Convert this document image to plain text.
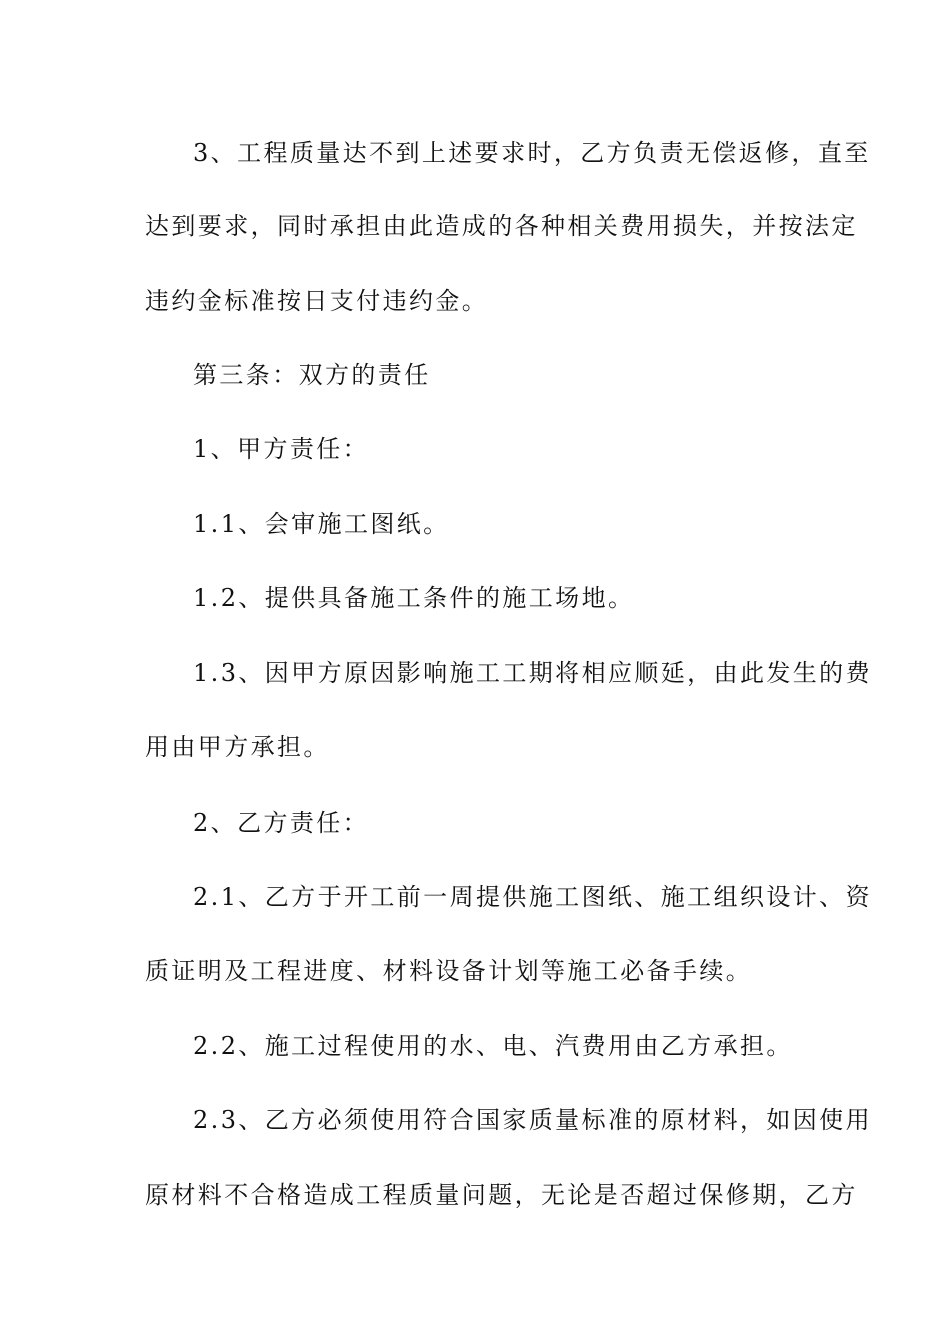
3、工程质量达不到上述要求时，乙方负责无偿返修，直至
达到要求，同时承担由此造成的各种相关费用损失，并按法定
违约金标准按日支付违约金。
第三条：双方的责任
1、甲方责任：
1.1、会审施工图纸。
1.2、提供具备施工条件的施工场地。
1.3、因甲方原因影响施工工期将相应顺延，由此发生的费
用由甲方承担。
2、乙方责任：
2.1、乙方于开工前一周提供施工图纸、施工组织设计、资
质证明及工程进度、材料设备计划等施工必备手续。
2.2、施工过程使用的水、电、汽费用由乙方承担。
2.3、乙方必须使用符合国家质量标准的原材料，如因使用
原材料不合格造成工程质量问题，无论是否超过保修期，乙方
